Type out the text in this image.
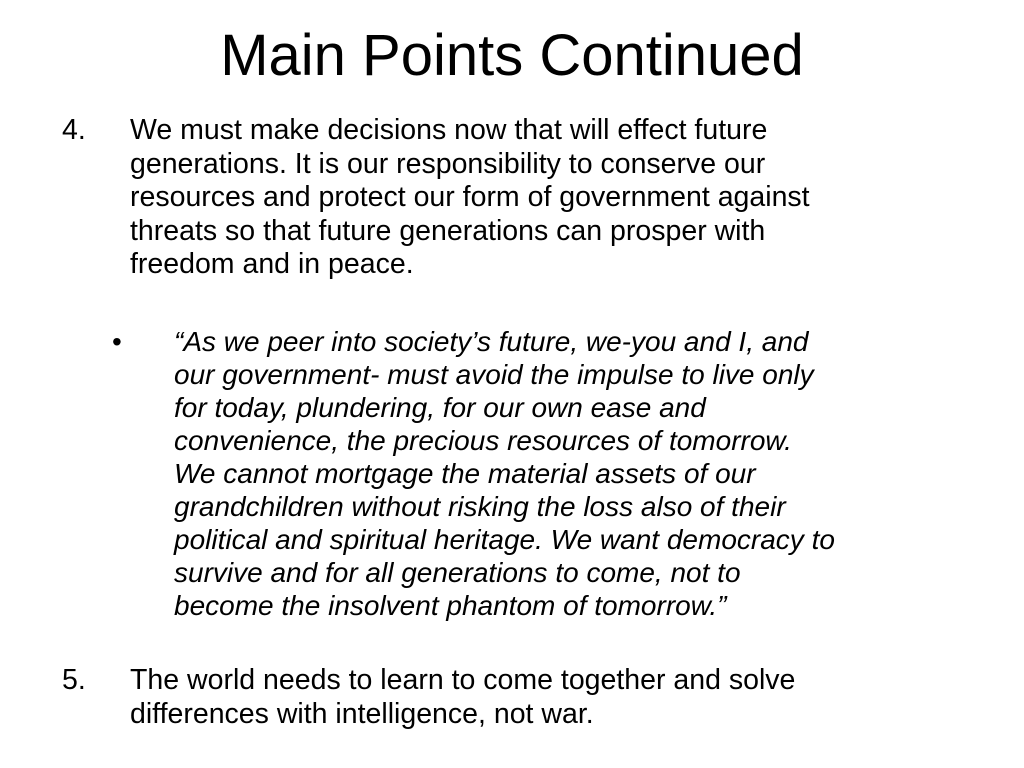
Main Points Continued
4. We must make decisions now that will effect future
generations. It is our responsibility to conserve our
resources and protect our form of government against
threats so that future generations can prosper with
freedom and in peace.
• “As we peer into society’s future, we-you and I, and
our government- must avoid the impulse to live only
for today, plundering, for our own ease and
convenience, the precious resources of tomorrow.
We cannot mortgage the material assets of our
grandchildren without risking the loss also of their
political and spiritual heritage. We want democracy to
survive and for all generations to come, not to
become the insolvent phantom of tomorrow.”
5. The world needs to learn to come together and solve
differences with intelligence, not war.
